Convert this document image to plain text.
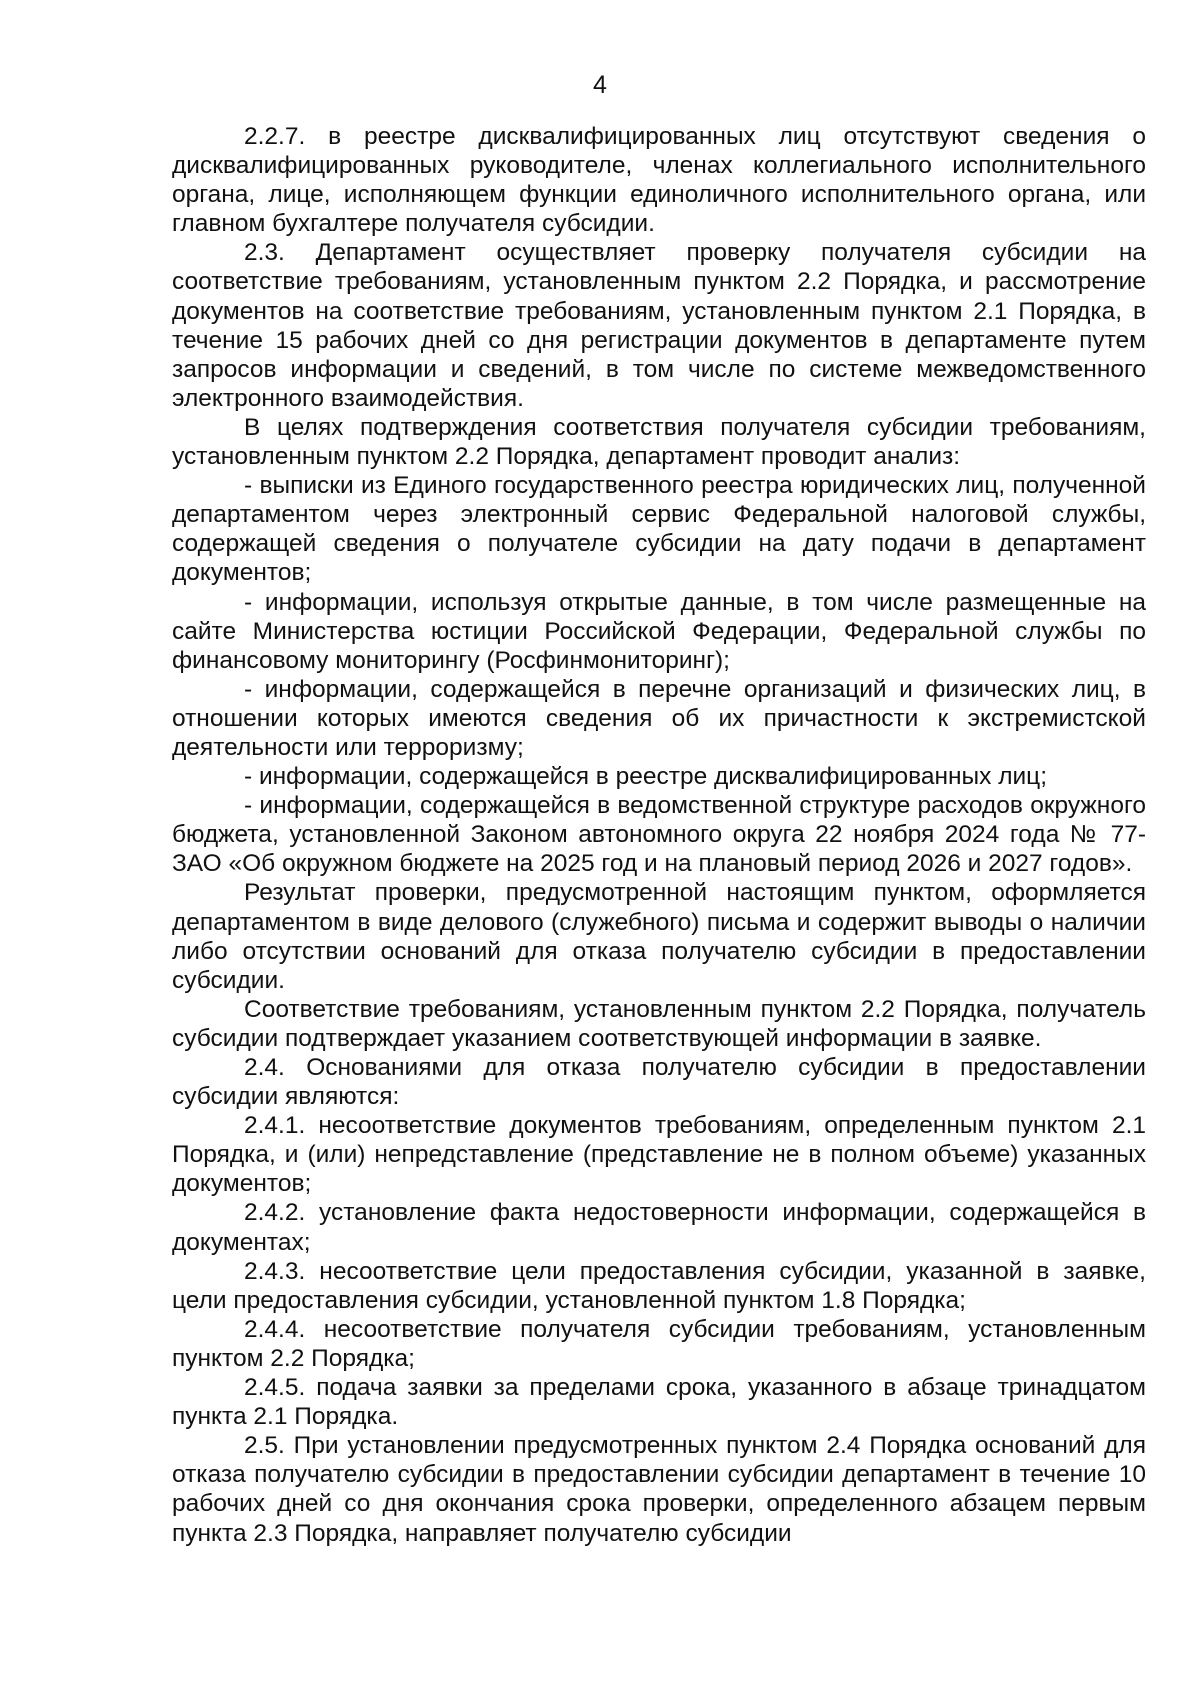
4

2.2.7. в реестре дисквалифицированных лиц отсутствуют сведения о дисквалифицированных руководителе, членах коллегиального исполнительного органа, лице, исполняющем функции единоличного исполнительного органа, или главном бухгалтере получателя субсидии.

2.3. Департамент осуществляет проверку получателя субсидии на соответствие требованиям, установленным пунктом 2.2 Порядка, и рассмотрение документов на соответствие требованиям, установленным пунктом 2.1 Порядка, в течение 15 рабочих дней со дня регистрации документов в департаменте путем запросов информации и сведений, в том числе по системе межведомственного электронного взаимодействия.

В целях подтверждения соответствия получателя субсидии требованиям, установленным пунктом 2.2 Порядка, департамент проводит анализ:

- выписки из Единого государственного реестра юридических лиц, полученной департаментом через электронный сервис Федеральной налоговой службы, содержащей сведения о получателе субсидии на дату подачи в департамент документов;

- информации, используя открытые данные, в том числе размещенные на сайте Министерства юстиции Российской Федерации, Федеральной службы по финансовому мониторингу (Росфинмониторинг);

- информации, содержащейся в перечне организаций и физических лиц, в отношении которых имеются сведения об их причастности к экстремистской деятельности или терроризму;

- информации, содержащейся в реестре дисквалифицированных лиц;

- информации, содержащейся в ведомственной структуре расходов окружного бюджета, установленной Законом автономного округа 22 ноября 2024 года № 77-ЗАО «Об окружном бюджете на 2025 год и на плановый период 2026 и 2027 годов».

Результат проверки, предусмотренной настоящим пунктом, оформляется департаментом в виде делового (служебного) письма и содержит выводы о наличии либо отсутствии оснований для отказа получателю субсидии в предоставлении субсидии.

Соответствие требованиям, установленным пунктом 2.2 Порядка, получатель субсидии подтверждает указанием соответствующей информации в заявке.

2.4. Основаниями для отказа получателю субсидии в предоставлении субсидии являются:

2.4.1. несоответствие документов требованиям, определенным пунктом 2.1 Порядка, и (или) непредставление (представление не в полном объеме) указанных документов;

2.4.2. установление факта недостоверности информации, содержащейся в документах;

2.4.3. несоответствие цели предоставления субсидии, указанной в заявке, цели предоставления субсидии, установленной пунктом 1.8 Порядка;

2.4.4. несоответствие получателя субсидии требованиям, установленным пунктом 2.2 Порядка;

2.4.5. подача заявки за пределами срока, указанного в абзаце тринадцатом пункта 2.1 Порядка.

2.5. При установлении предусмотренных пунктом 2.4 Порядка оснований для отказа получателю субсидии в предоставлении субсидии департамент в течение 10 рабочих дней со дня окончания срока проверки, определенного абзацем первым пункта 2.3 Порядка, направляет получателю субсидии
